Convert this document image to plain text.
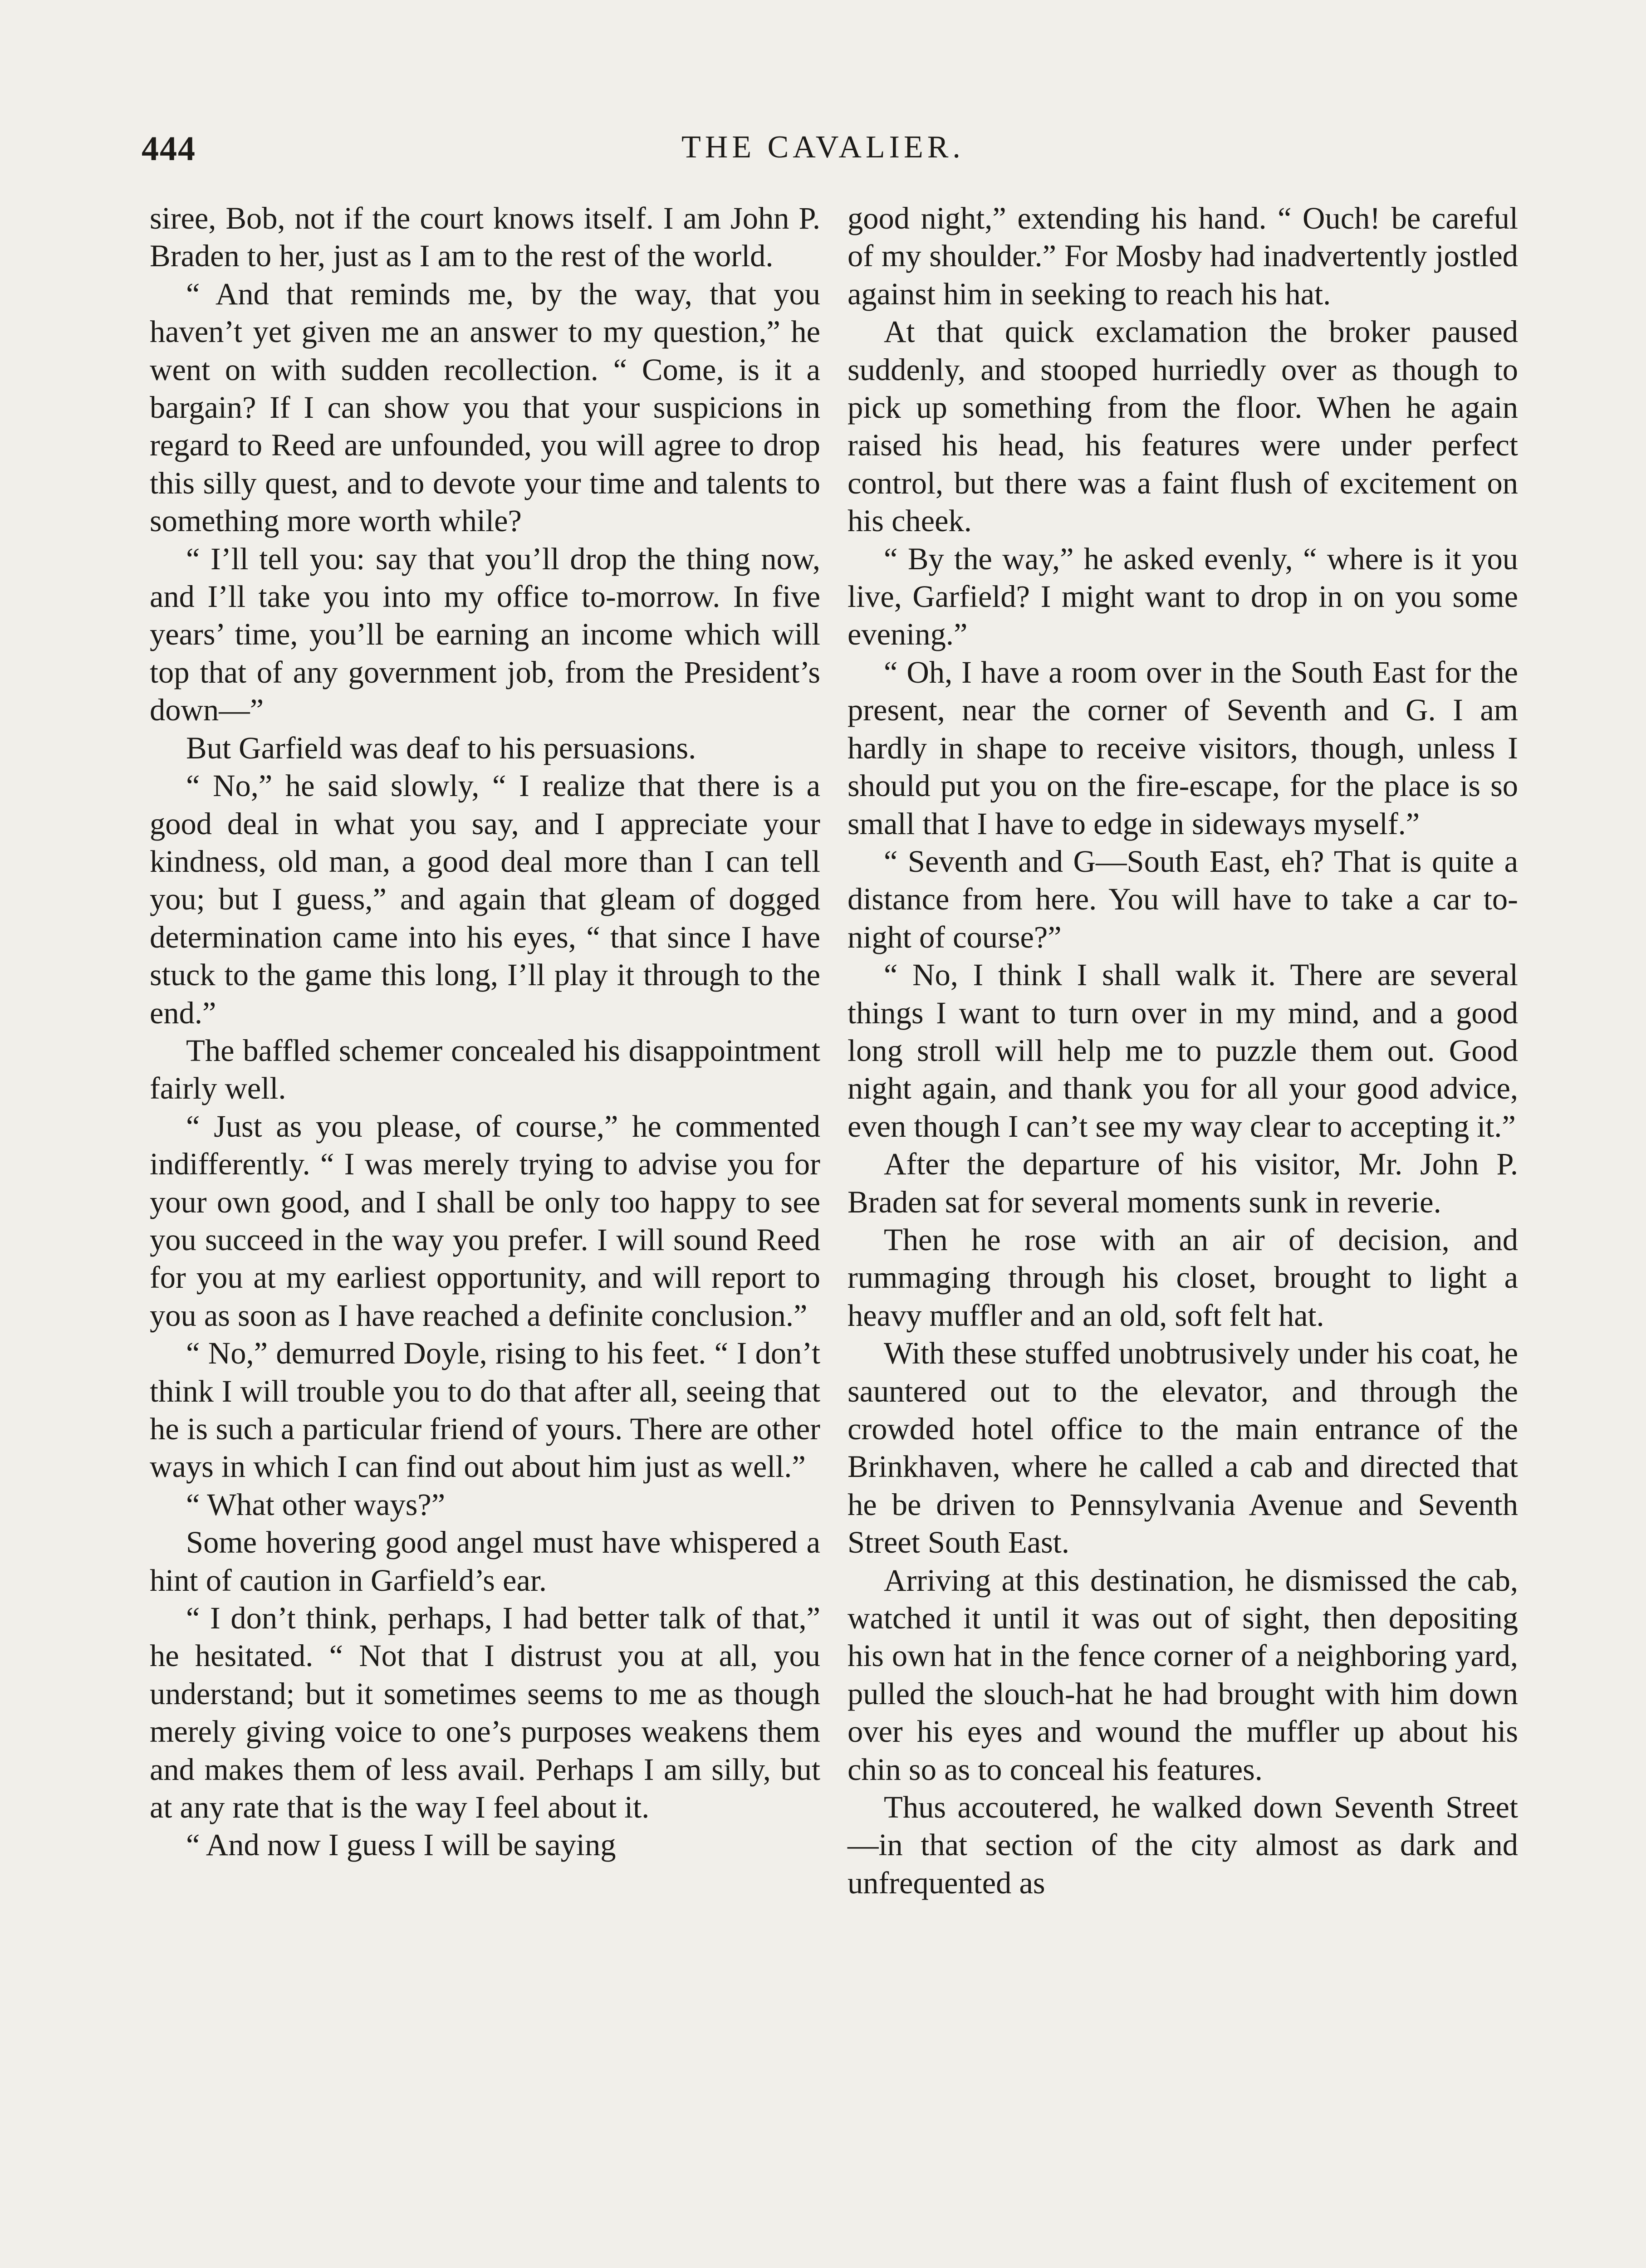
444	THE CAVALIER.

siree, Bob, not if the court knows itself. I am John P. Braden to her, just as I am to the rest of the world.

“ And that reminds me, by the way, that you haven’t yet given me an answer to my question,” he went on with sudden recollection. “ Come, is it a bargain? If I can show you that your suspicions in regard to Reed are unfounded, you will agree to drop this silly quest, and to devote your time and talents to something more worth while?

“ I’ll tell you: say that you’ll drop the thing now, and I’ll take you into my office to-morrow. In five years’ time, you’ll be earning an income which will top that of any government job, from the President’s down—”

But Garfield was deaf to his persuasions.

“ No,” he said slowly, “ I realize that there is a good deal in what you say, and I appreciate your kindness, old man, a good deal more than I can tell you; but I guess,” and again that gleam of dogged determination came into his eyes, “ that since I have stuck to the game this long, I’ll play it through to the end.”

The baffled schemer concealed his disappointment fairly well.

“ Just as you please, of course,” he commented indifferently. “ I was merely trying to advise you for your own good, and I shall be only too happy to see you succeed in the way you prefer. I will sound Reed for you at my earliest opportunity, and will report to you as soon as I have reached a definite conclusion.”

“ No,” demurred Doyle, rising to his feet. “ I don’t think I will trouble you to do that after all, seeing that he is such a particular friend of yours. There are other ways in which I can find out about him just as well.”

“ What other ways?”

Some hovering good angel must have whispered a hint of caution in Garfield’s ear.

“ I don’t think, perhaps, I had better talk of that,” he hesitated. “ Not that I distrust you at all, you understand; but it sometimes seems to me as though merely giving voice to one’s purposes weakens them and makes them of less avail. Perhaps I am silly, but at any rate that is the way I feel about it.

“ And now I guess I will be saying

good night,” extending his hand. “ Ouch! be careful of my shoulder.” For Mosby had inadvertently jostled against him in seeking to reach his hat.

At that quick exclamation the broker paused suddenly, and stooped hurriedly over as though to pick up something from the floor. When he again raised his head, his features were under perfect control, but there was a faint flush of excitement on his cheek.

“ By the way,” he asked evenly, “ where is it you live, Garfield? I might want to drop in on you some evening.”

“ Oh, I have a room over in the South East for the present, near the corner of Seventh and G. I am hardly in shape to receive visitors, though, unless I should put you on the fire-escape, for the place is so small that I have to edge in sideways myself.”

“ Seventh and G—South East, eh? That is quite a distance from here. You will have to take a car to-night of course?”

“ No, I think I shall walk it. There are several things I want to turn over in my mind, and a good long stroll will help me to puzzle them out. Good night again, and thank you for all your good advice, even though I can’t see my way clear to accepting it.”

After the departure of his visitor, Mr. John P. Braden sat for several moments sunk in reverie.

Then he rose with an air of decision, and rummaging through his closet, brought to light a heavy muffler and an old, soft felt hat.

With these stuffed unobtrusively under his coat, he sauntered out to the elevator, and through the crowded hotel office to the main entrance of the Brinkhaven, where he called a cab and directed that he be driven to Pennsylvania Avenue and Seventh Street South East.

Arriving at this destination, he dismissed the cab, watched it until it was out of sight, then depositing his own hat in the fence corner of a neighboring yard, pulled the slouch-hat he had brought with him down over his eyes and wound the muffler up about his chin so as to conceal his features.

Thus accoutered, he walked down Seventh Street—in that section of the city almost as dark and unfrequented as
